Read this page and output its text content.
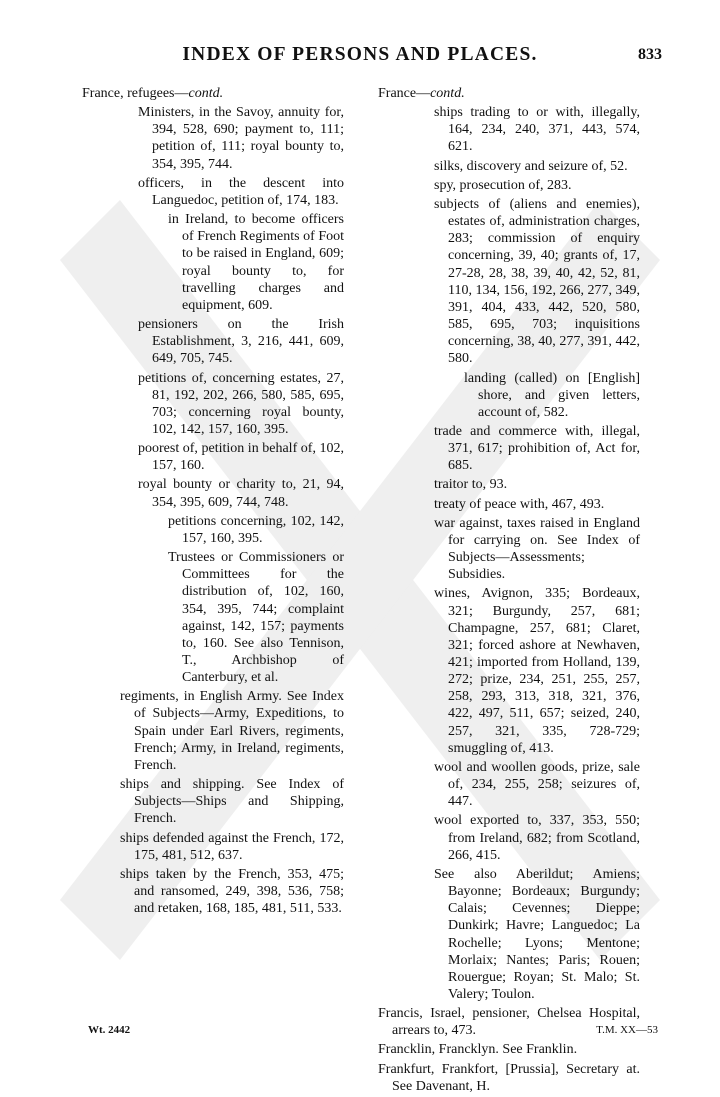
INDEX OF PERSONS AND PLACES.	833
France, refugees—contd.
Ministers, in the Savoy, annuity for, 394, 528, 690; payment to, 111; petition of, 111; royal bounty to, 354, 395, 744.
officers, in the descent into Languedoc, petition of, 174, 183.
in Ireland, to become officers of French Regiments of Foot to be raised in England, 609; royal bounty to, for travelling charges and equipment, 609.
pensioners on the Irish Establishment, 3, 216, 441, 609, 649, 705, 745.
petitions of, concerning estates, 27, 81, 192, 202, 266, 580, 585, 695, 703; concerning royal bounty, 102, 142, 157, 160, 395.
poorest of, petition in behalf of, 102, 157, 160.
royal bounty or charity to, 21, 94, 354, 395, 609, 744, 748.
petitions concerning, 102, 142, 157, 160, 395.
Trustees or Commissioners or Committees for the distribution of, 102, 160, 354, 395, 744; complaint against, 142, 157; payments to, 160. See also Tennison, T., Archbishop of Canterbury, et al.
regiments, in English Army. See Index of Subjects—Army, Expeditions, to Spain under Earl Rivers, regiments, French; Army, in Ireland, regiments, French.
ships and shipping. See Index of Subjects—Ships and Shipping, French.
ships defended against the French, 172, 175, 481, 512, 637.
ships taken by the French, 353, 475; and ransomed, 249, 398, 536, 758; and retaken, 168, 185, 481, 511, 533.
France—contd.
ships trading to or with, illegally, 164, 234, 240, 371, 443, 574, 621.
silks, discovery and seizure of, 52.
spy, prosecution of, 283.
subjects of (aliens and enemies), estates of, administration charges, 283; commission of enquiry concerning, 39, 40; grants of, 17, 27-28, 28, 38, 39, 40, 42, 52, 81, 110, 134, 156, 192, 266, 277, 349, 391, 404, 433, 442, 520, 580, 585, 695, 703; inquisitions concerning, 38, 40, 277, 391, 442, 580.
landing (called) on [English] shore, and given letters, account of, 582.
trade and commerce with, illegal, 371, 617; prohibition of, Act for, 685.
traitor to, 93.
treaty of peace with, 467, 493.
war against, taxes raised in England for carrying on. See Index of Subjects—Assessments; Subsidies.
wines, Avignon, 335; Bordeaux, 321; Burgundy, 257, 681; Champagne, 257, 681; Claret, 321; forced ashore at Newhaven, 421; imported from Holland, 139, 272; prize, 234, 251, 255, 257, 258, 293, 313, 318, 321, 376, 422, 497, 511, 657; seized, 240, 257, 321, 335, 728-729; smuggling of, 413.
wool and woollen goods, prize, sale of, 234, 255, 258; seizures of, 447.
wool exported to, 337, 353, 550; from Ireland, 682; from Scotland, 266, 415.
See also Aberildut; Amiens; Bayonne; Bordeaux; Burgundy; Calais; Cevennes; Dieppe; Dunkirk; Havre; Languedoc; La Rochelle; Lyons; Mentone; Morlaix; Nantes; Paris; Rouen; Rouergue; Royan; St. Malo; St. Valery; Toulon.
Francis, Israel, pensioner, Chelsea Hospital, arrears to, 473.
Francklin, Francklyn. See Franklin.
Frankfurt, Frankfort, [Prussia], Secretary at. See Davenant, H.
Wt. 2442	T.M. XX—53
